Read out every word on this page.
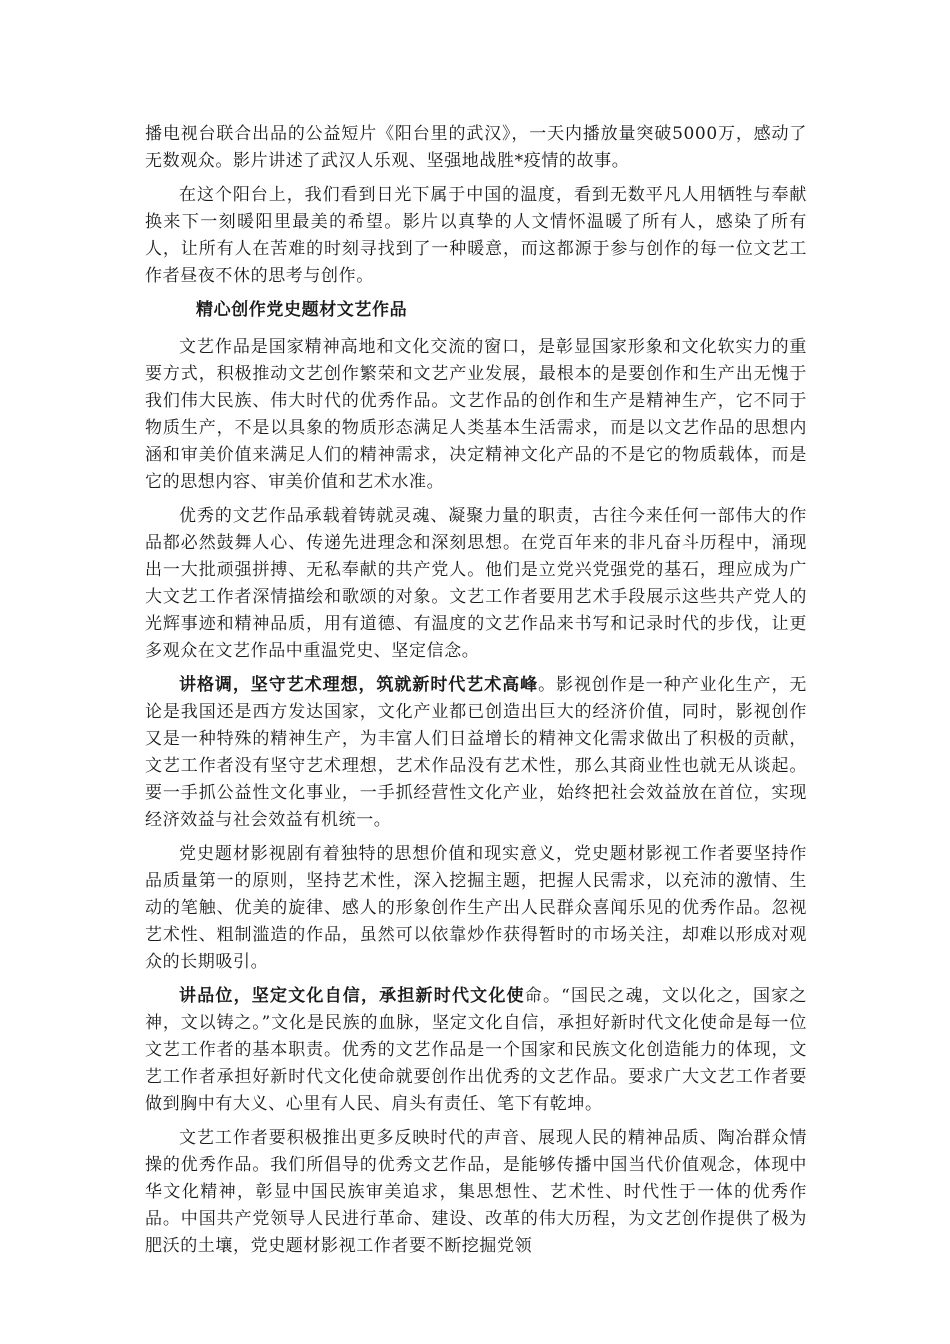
播电视台联合出品的公益短片《阳台里的武汉》，一天内播放量突破5000万，感动了无数观众。影片讲述了武汉人乐观、坚强地战胜*疫情的故事。

在这个阳台上，我们看到日光下属于中国的温度，看到无数平凡人用牺牲与奉献换来下一刻暖阳里最美的希望。影片以真挚的人文情怀温暖了所有人，感染了所有人，让所有人在苦难的时刻寻找到了一种暖意，而这都源于参与创作的每一位文艺工作者昼夜不休的思考与创作。

精心创作党史题材文艺作品

文艺作品是国家精神高地和文化交流的窗口，是彰显国家形象和文化软实力的重要方式，积极推动文艺创作繁荣和文艺产业发展，最根本的是要创作和生产出无愧于我们伟大民族、伟大时代的优秀作品。文艺作品的创作和生产是精神生产，它不同于物质生产，不是以具象的物质形态满足人类基本生活需求，而是以文艺作品的思想内涵和审美价值来满足人们的精神需求，决定精神文化产品的不是它的物质载体，而是它的思想内容、审美价值和艺术水准。

优秀的文艺作品承载着铸就灵魂、凝聚力量的职责，古往今来任何一部伟大的作品都必然鼓舞人心、传递先进理念和深刻思想。在党百年来的非凡奋斗历程中，涌现出一大批顽强拼搏、无私奉献的共产党人。他们是立党兴党强党的基石，理应成为广大文艺工作者深情描绘和歌颂的对象。文艺工作者要用艺术手段展示这些共产党人的光辉事迹和精神品质，用有道德、有温度的文艺作品来书写和记录时代的步伐，让更多观众在文艺作品中重温党史、坚定信念。

讲格调，坚守艺术理想，筑就新时代艺术高峰。影视创作是一种产业化生产，无论是我国还是西方发达国家，文化产业都已创造出巨大的经济价值，同时，影视创作又是一种特殊的精神生产，为丰富人们日益增长的精神文化需求做出了积极的贡献，文艺工作者没有坚守艺术理想，艺术作品没有艺术性，那么其商业性也就无从谈起。要一手抓公益性文化事业，一手抓经营性文化产业，始终把社会效益放在首位，实现经济效益与社会效益有机统一。

党史题材影视剧有着独特的思想价值和现实意义，党史题材影视工作者要坚持作品质量第一的原则，坚持艺术性，深入挖掘主题，把握人民需求，以充沛的激情、生动的笔触、优美的旋律、感人的形象创作生产出人民群众喜闻乐见的优秀作品。忽视艺术性、粗制滥造的作品，虽然可以依靠炒作获得暂时的市场关注，却难以形成对观众的长期吸引。

讲品位，坚定文化自信，承担新时代文化使命。“国民之魂，文以化之，国家之神，文以铸之。”文化是民族的血脉，坚定文化自信，承担好新时代文化使命是每一位文艺工作者的基本职责。优秀的文艺作品是一个国家和民族文化创造能力的体现，文艺工作者承担好新时代文化使命就要创作出优秀的文艺作品。要求广大文艺工作者要做到胸中有大义、心里有人民、肩头有责任、笔下有乾坤。

文艺工作者要积极推出更多反映时代的声音、展现人民的精神品质、陶冶群众情操的优秀作品。我们所倡导的优秀文艺作品，是能够传播中国当代价值观念，体现中华文化精神，彰显中国民族审美追求，集思想性、艺术性、时代性于一体的优秀作品。中国共产党领导人民进行革命、建设、改革的伟大历程，为文艺创作提供了极为肥沃的土壤，党史题材影视工作者要不断挖掘党领
